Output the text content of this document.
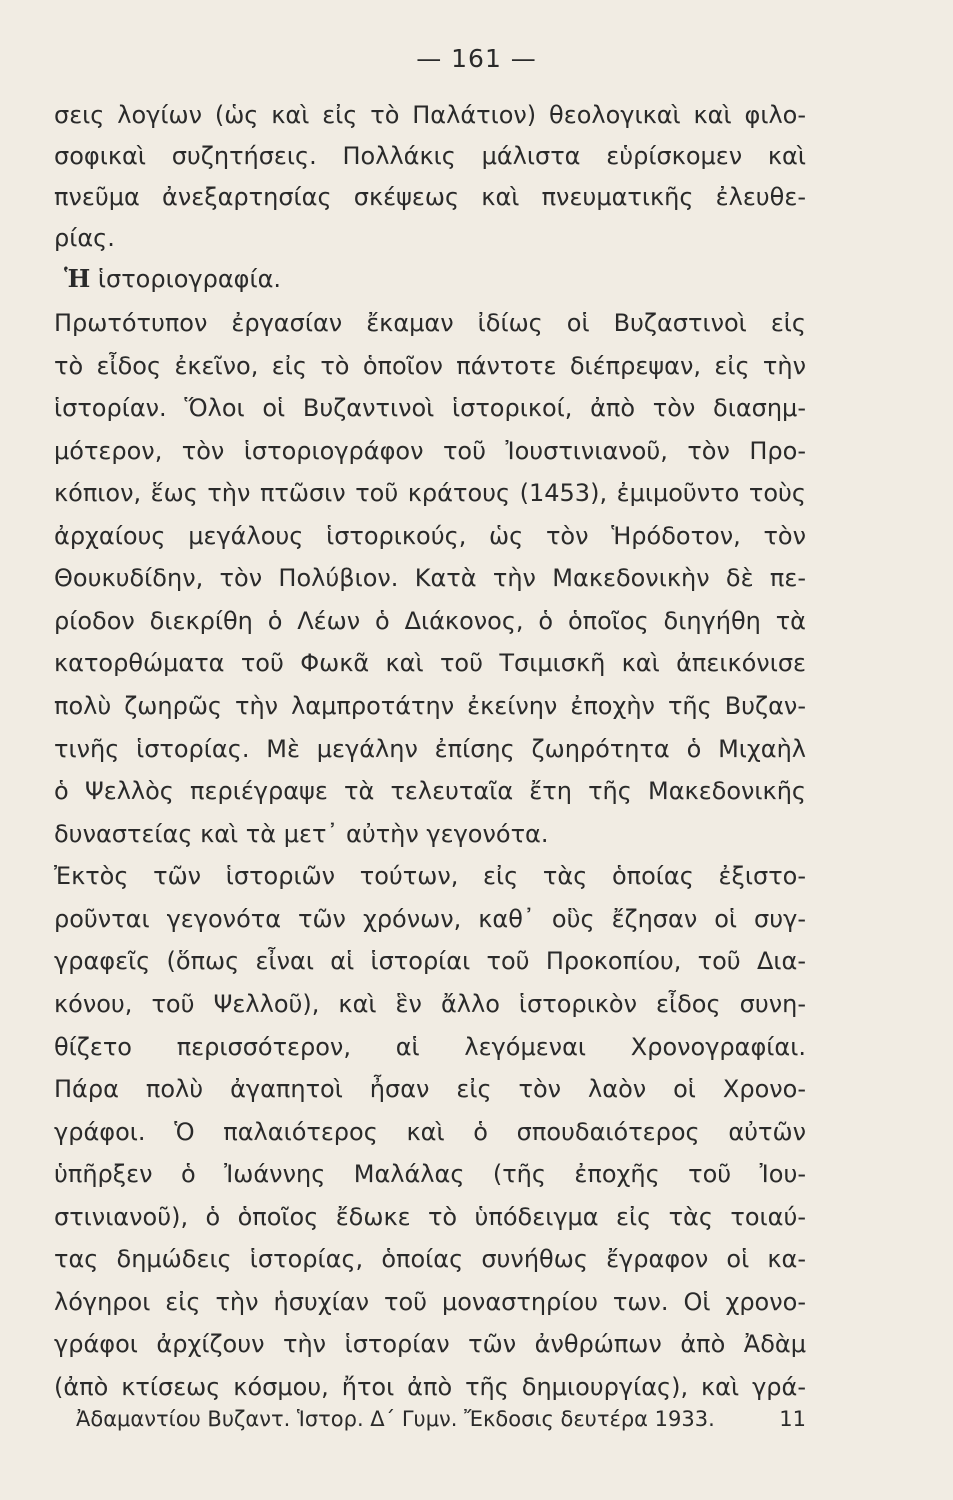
— 161 —
σεις λογίων (ὡς καὶ εἰς τὸ Παλάτιον) θεολογικαὶ καὶ φιλο-
σοφικαὶ συζητήσεις. Πολλάκις μάλιστα εὑρίσκομεν καὶ
πνεῦμα ἀνεξαρτησίας σκέψεως καὶ πνευματικῆς ἐλευθε-
ρίας.
Ἡ ἱστοριογραφία.
Πρωτότυπον ἐργασίαν ἔκαμαν ἰδίως οἱ Βυζαστινοὶ εἰς
τὸ εἶδος ἐκεῖνο, εἰς τὸ ὁποῖον πάντοτε διέπρεψαν, εἰς τὴν
ἱστορίαν. Ὅλοι οἱ Βυζαντινοὶ ἱστορικοί, ἀπὸ τὸν διασημ-
μότερον, τὸν ἱστοριογράφον τοῦ Ἰουστινιανοῦ, τὸν Προ-
κόπιον, ἕως τὴν πτῶσιν τοῦ κράτους (1453), ἐμιμοῦντο τοὺς
ἀρχαίους μεγάλους ἱστορικούς, ὡς τὸν Ἡρόδοτον, τὸν
Θουκυδίδην, τὸν Πολύβιον. Κατὰ τὴν Μακεδονικὴν δὲ πε-
ρίοδον διεκρίθη ὁ Λέων ὁ Διάκονος, ὁ ὁποῖος διηγήθη τὰ
κατορθώματα τοῦ Φωκᾶ καὶ τοῦ Τσιμισκῆ καὶ ἀπεικόνισε
πολὺ ζωηρῶς τὴν λαμπροτάτην ἐκείνην ἐποχὴν τῆς Βυζαν-
τινῆς ἱστορίας. Μὲ μεγάλην ἐπίσης ζωηρότητα ὁ Μιχαὴλ
ὁ Ψελλὸς περιέγραψε τὰ τελευταῖα ἔτη τῆς Μακεδονικῆς
δυναστείας καὶ τὰ μετ᾽ αὐτὴν γεγονότα.
Ἐκτὸς τῶν ἱστοριῶν τούτων, εἰς τὰς ὁποίας ἐξιστο-
ροῦνται γεγονότα τῶν χρόνων, καθ᾽ οὓς ἔζησαν οἱ συγ-
γραφεῖς (ὅπως εἶναι αἱ ἱστορίαι τοῦ Προκοπίου, τοῦ Δια-
κόνου, τοῦ Ψελλοῦ), καὶ ἓν ἄλλο ἱστορικὸν εἶδος συνη-
θίζετο περισσότερον, αἱ λεγόμεναι Χρονογραφίαι.
Πάρα πολὺ ἀγαπητοὶ ἦσαν εἰς τὸν λαὸν οἱ Χρονο-
γράφοι. Ὁ παλαιότερος καὶ ὁ σπουδαιότερος αὐτῶν
ὑπῆρξεν ὁ Ἰωάννης Μαλάλας (τῆς ἐποχῆς τοῦ Ἰου-
στινιανοῦ), ὁ ὁποῖος ἔδωκε τὸ ὑπόδειγμα εἰς τὰς τοιαύ-
τας δημώδεις ἱστορίας, ὁποίας συνήθως ἔγραφον οἱ κα-
λόγηροι εἰς τὴν ἡσυχίαν τοῦ μοναστηρίου των. Οἱ χρονο-
γράφοι ἀρχίζουν τὴν ἱστορίαν τῶν ἀνθρώπων ἀπὸ Ἀδὰμ
(ἀπὸ κτίσεως κόσμου, ἤτοι ἀπὸ τῆς δημιουργίας), καὶ γρά-
Ἀδαμαντίου Βυζαντ. Ἱστορ. Δ΄ Γυμν. Ἔκδοσις δευτέρα 1933.	11
